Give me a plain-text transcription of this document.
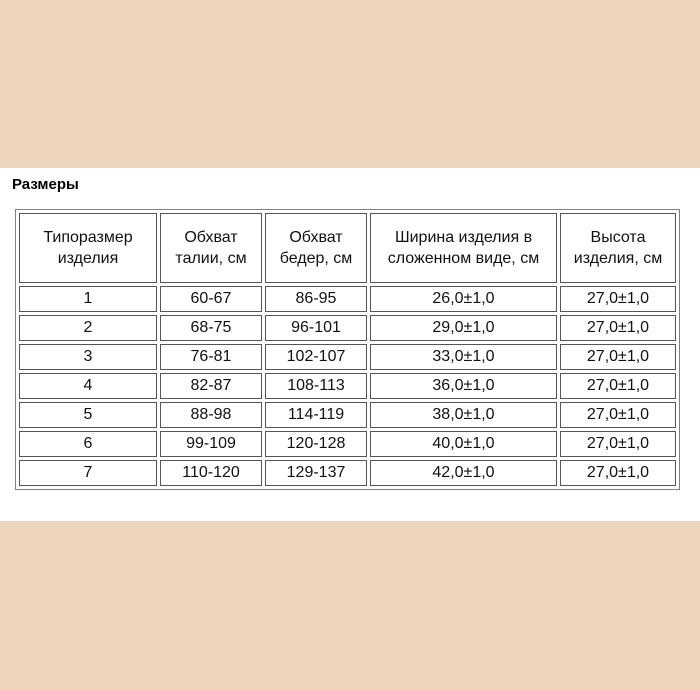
Размеры
Типоразмер изделия	Обхват талии, см	Обхват бедер, см	Ширина изделия в сложенном виде, см	Высота изделия, см
1	60-67	86-95	26,0±1,0	27,0±1,0
2	68-75	96-101	29,0±1,0	27,0±1,0
3	76-81	102-107	33,0±1,0	27,0±1,0
4	82-87	108-113	36,0±1,0	27,0±1,0
5	88-98	114-119	38,0±1,0	27,0±1,0
6	99-109	120-128	40,0±1,0	27,0±1,0
7	110-120	129-137	42,0±1,0	27,0±1,0
